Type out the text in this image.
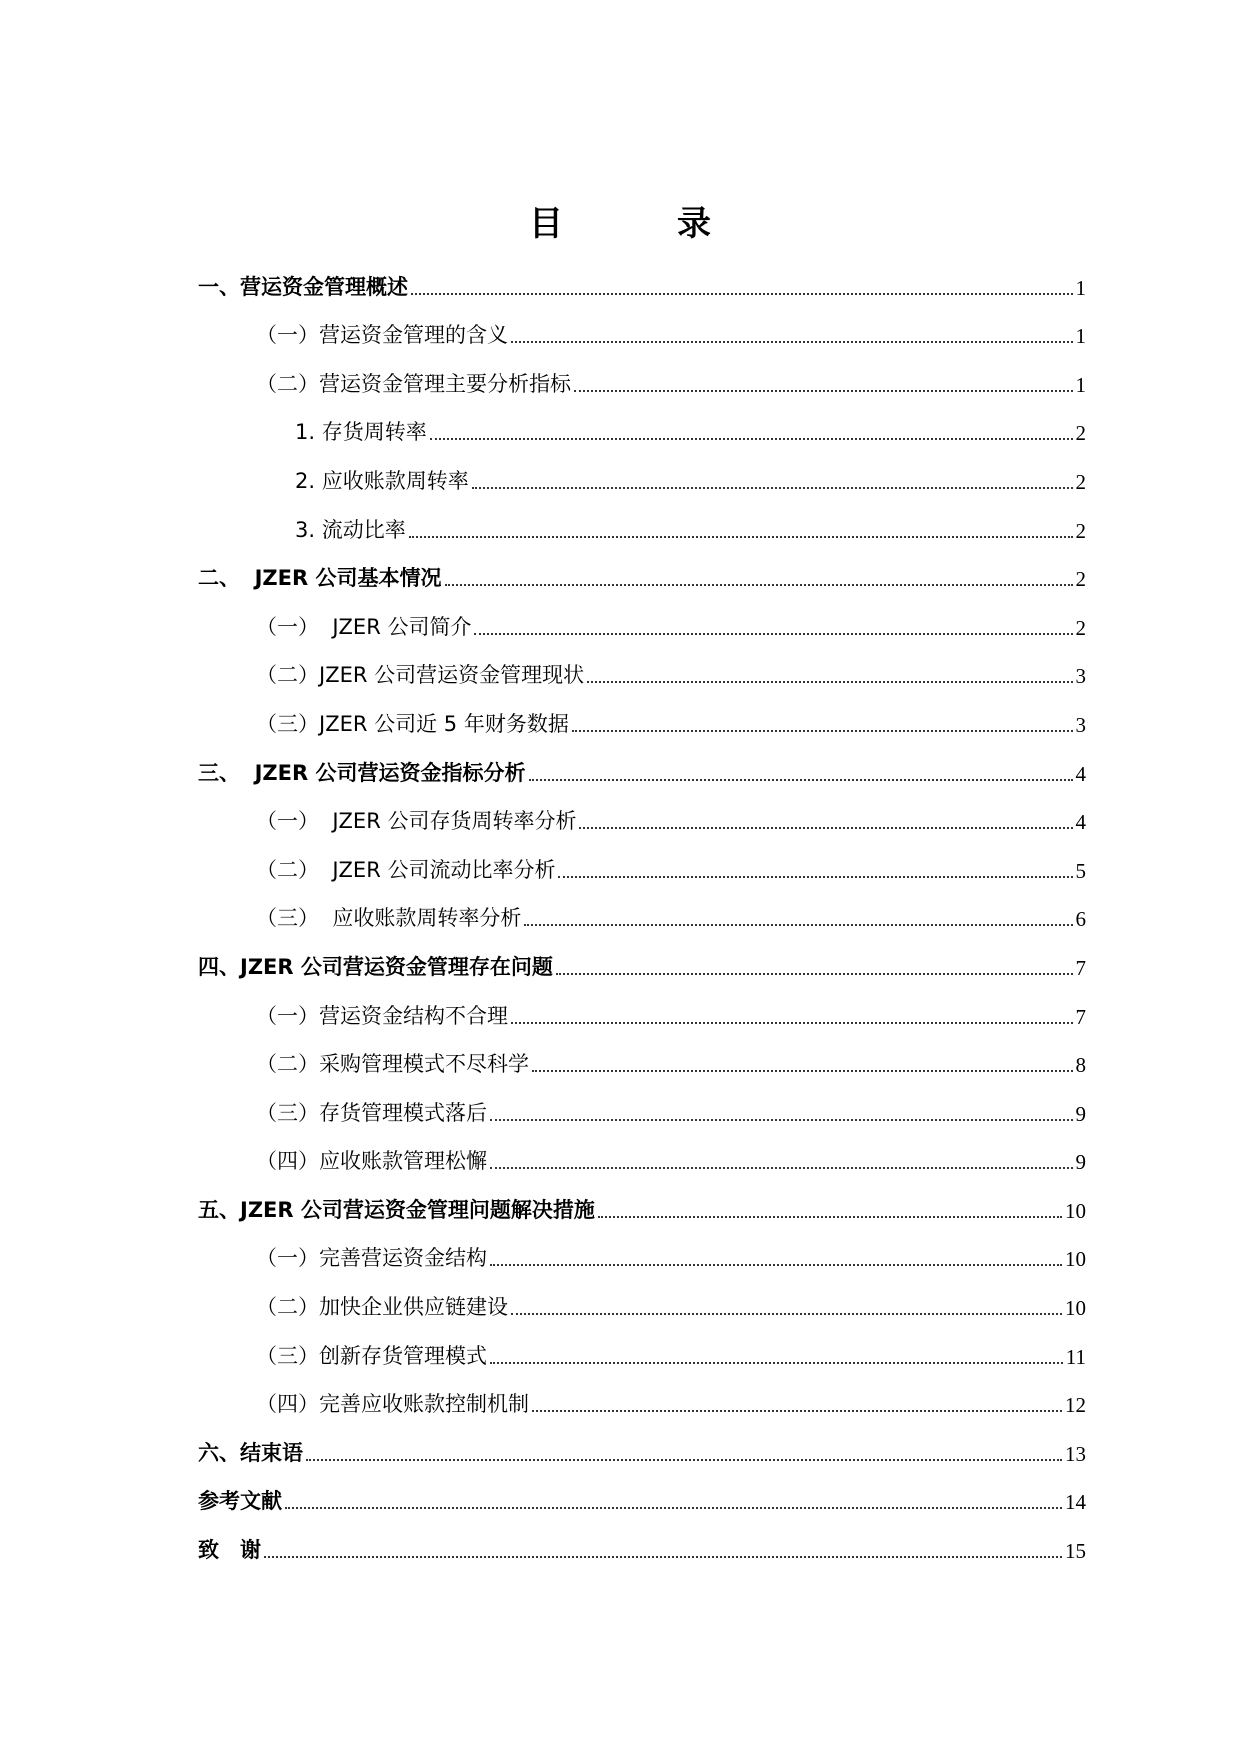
目　录
一、营运资金管理概述	1
（一）营运资金管理的含义	1
（二）营运资金管理主要分析指标	1
1. 存货周转率	2
2. 应收账款周转率	2
3. 流动比率	2
二、  JZER 公司基本情况	2
（一）  JZER 公司简介	2
（二）JZER 公司营运资金管理现状	3
（三）JZER 公司近 5 年财务数据	3
三、  JZER 公司营运资金指标分析	4
（一）  JZER 公司存货周转率分析	4
（二）  JZER 公司流动比率分析	5
（三）  应收账款周转率分析	6
四、JZER 公司营运资金管理存在问题	7
（一）营运资金结构不合理	7
（二）采购管理模式不尽科学	8
（三）存货管理模式落后	9
（四）应收账款管理松懈	9
五、JZER 公司营运资金管理问题解决措施	10
（一）完善营运资金结构	10
（二）加快企业供应链建设	10
（三）创新存货管理模式	11
（四）完善应收账款控制机制	12
六、结束语	13
参考文献	14
致　谢	15
